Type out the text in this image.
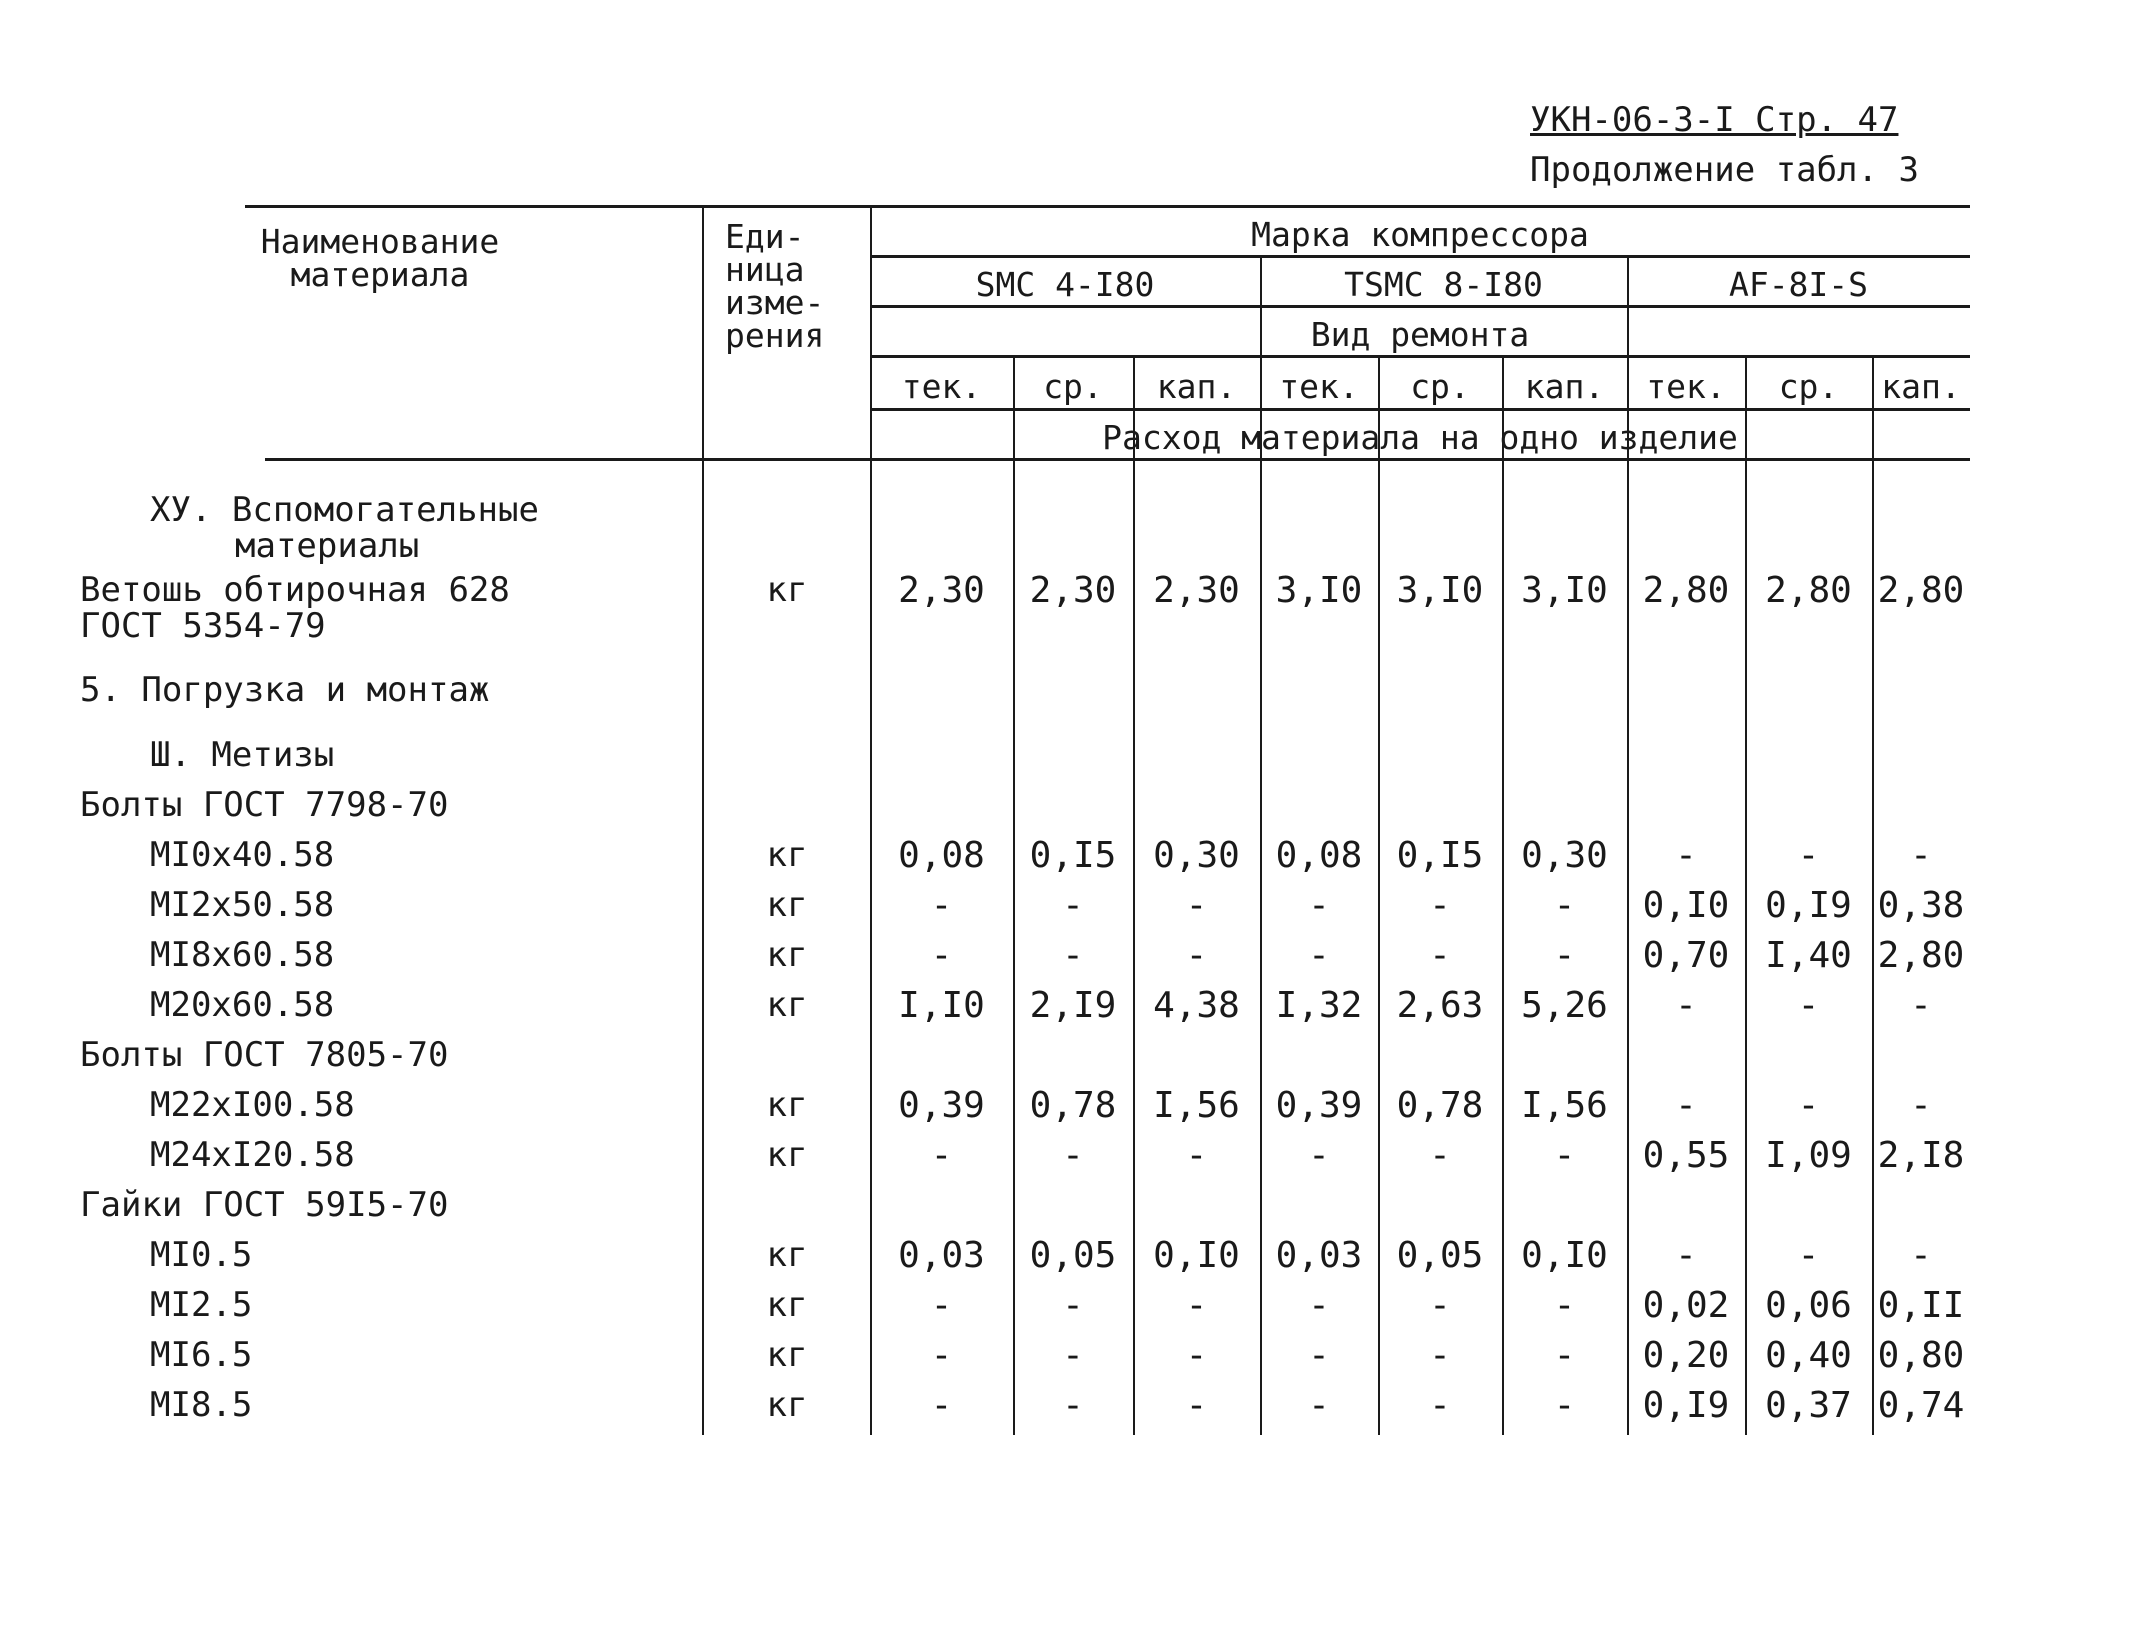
УКН-06-3-I Стр. 47
Продолжение табл. 3
Наименование
материала
Еди-
ница
изме-
рения
Марка компрессора
SMC 4-I80	TSMC 8-I80	AF-8I-S
Вид ремонта
тек.	ср.	кап.	тек.	ср.	кап.	тек.	ср.	кап.
Расход материала на одно изделие
ХУ. Вспомогательные
материалы
Ветошь обтирочная 628
ГОСТ 5354-79
кг	2,30	2,30	2,30 3,I0 3,I0	3,I0 2,80 2,80 2,80
5. Погрузка и монтаж
Ш. Метизы
Болты ГОСТ 7798-70
МI0х40.58	кг	0,08	0,I5	0,30 0,08 0,I5	0,30	-	-	-
МI2х50.58	кг	-	-	-	-	-	-	0,I0 0,I9 0,38
МI8х60.58	кг	-	-	-	-	-	-	0,70 I,40 2,80
М20х60.58	кг	I,I0	2,I9	4,38 I,32 2,63	5,26	-	-	-
Болты ГОСТ 7805-70
М22хI00.58	кг	0,39	0,78	I,56 0,39 0,78	I,56	-	-	-
М24хI20.58	кг	-	-	-	-	-	-	0,55 I,09 2,I8
Гайки ГОСТ 59I5-70
МI0.5	кг	0,03	0,05	0,I0 0,03 0,05	0,I0	-	-	-
МI2.5	кг	-	-	-	-	-	-	0,02 0,06 0,II
МI6.5	кг	-	-	-	-	-	-	0,20 0,40 0,80
МI8.5	кг	-	-	-	-	-	-	0,I9 0,37 0,74
